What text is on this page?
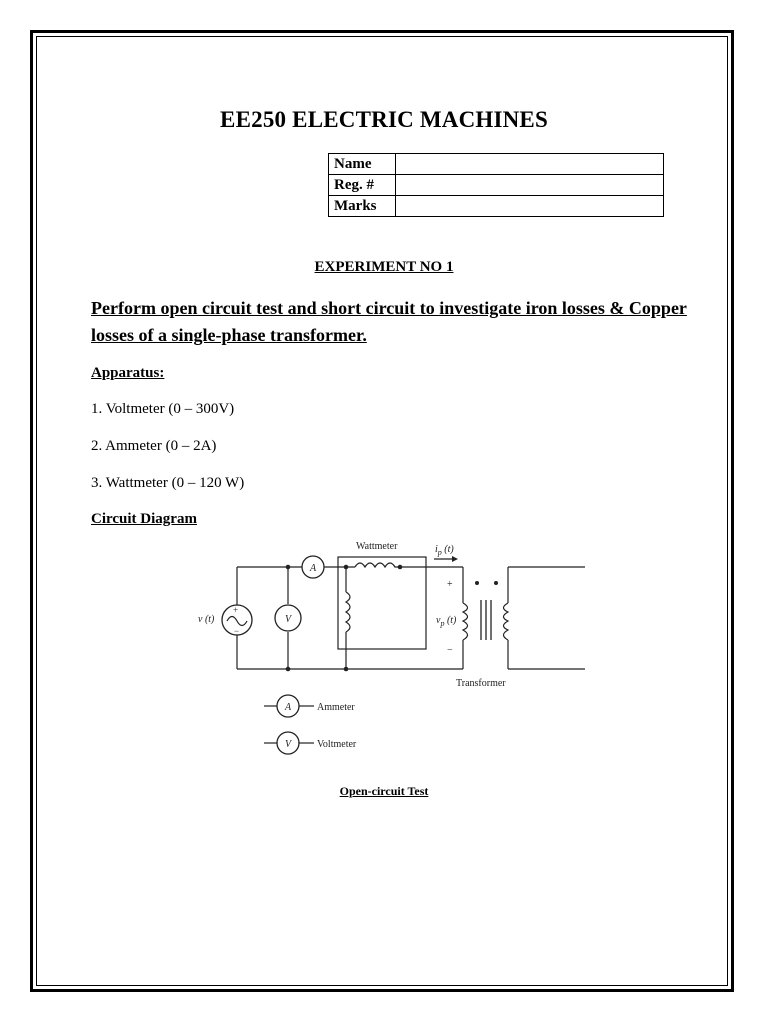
EE250 ELECTRIC MACHINES
Name	
Reg. #	
Marks	
EXPERIMENT NO 1
Perform open circuit test and short circuit to investigate iron losses & Copper losses of a single-phase transformer.
Apparatus:
1. Voltmeter (0 – 300V)
2. Ammeter (0 – 2A)
3. Wattmeter (0 – 120 W)
Circuit Diagram
+
−
v (t)
A
V
Wattmeter	$i_p$ (t)
+
−
$v_p$ (t)
Transformer
A	Ammeter
V	Voltmeter
Open-circuit Test
